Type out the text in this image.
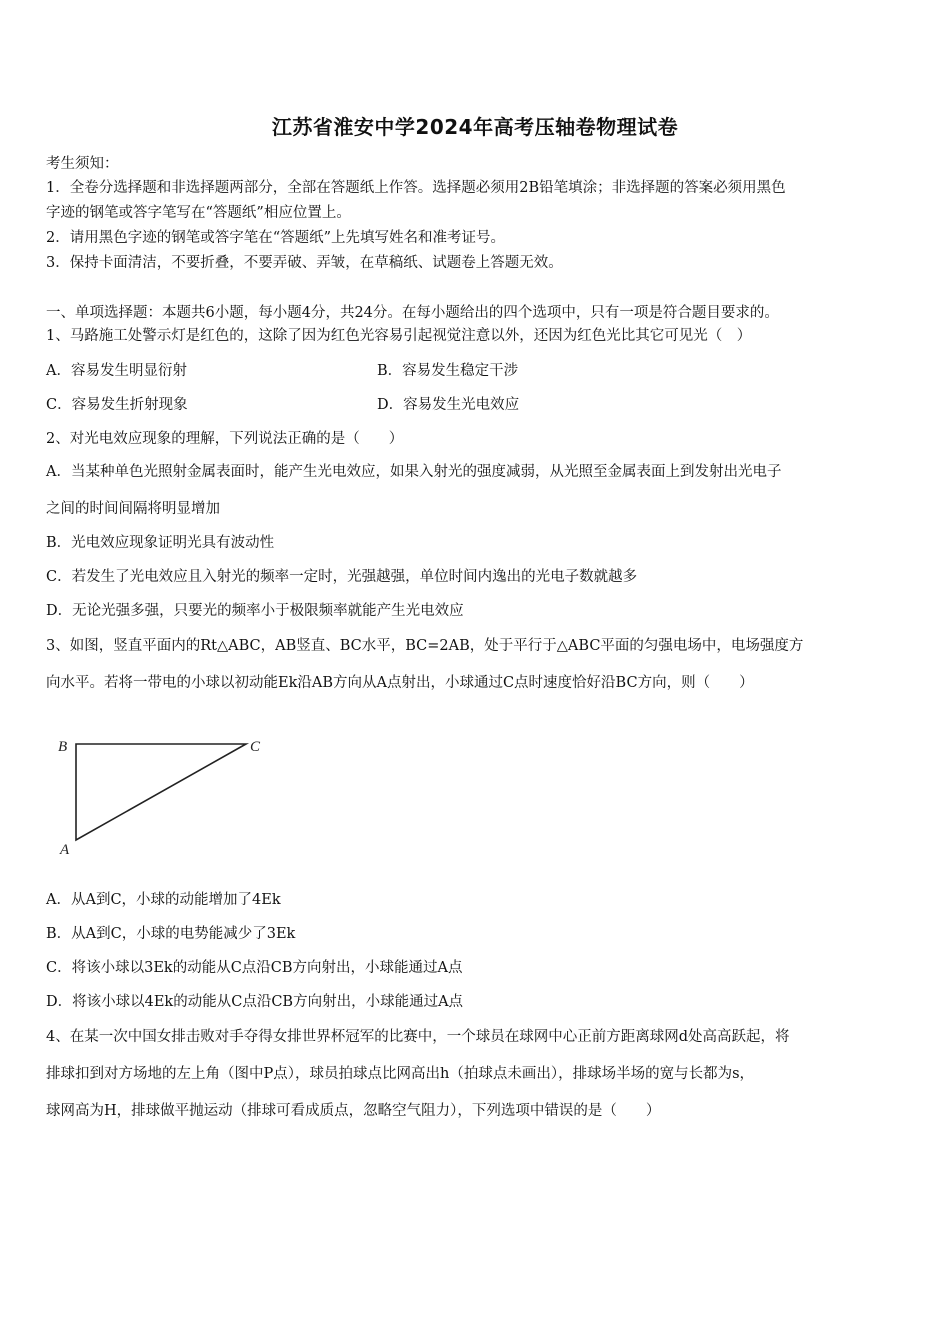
江苏省淮安中学2024年高考压轴卷物理试卷
考生须知：
1．全卷分选择题和非选择题两部分，全部在答题纸上作答。选择题必须用2B铅笔填涂；非选择题的答案必须用黑色
字迹的钢笔或答字笔写在“答题纸”相应位置上。
2．请用黑色字迹的钢笔或答字笔在“答题纸”上先填写姓名和准考证号。
3．保持卡面清洁，不要折叠，不要弄破、弄皱，在草稿纸、试题卷上答题无效。
一、单项选择题：本题共6小题，每小题4分，共24分。在每小题给出的四个选项中，只有一项是符合题目要求的。
1、马路施工处警示灯是红色的，这除了因为红色光容易引起视觉注意以外，还因为红色光比其它可见光（　）
A．容易发生明显衍射	B．容易发生稳定干涉
C．容易发生折射现象	D．容易发生光电效应
2、对光电效应现象的理解，下列说法正确的是（　　）
A．当某种单色光照射金属表面时，能产生光电效应，如果入射光的强度减弱，从光照至金属表面上到发射出光电子
之间的时间间隔将明显增加
B．光电效应现象证明光具有波动性
C．若发生了光电效应且入射光的频率一定时，光强越强，单位时间内逸出的光电子数就越多
D．无论光强多强，只要光的频率小于极限频率就能产生光电效应
3、如图，竖直平面内的Rt△ABC，AB竖直、BC水平，BC=2AB，处于平行于△ABC平面的匀强电场中，电场强度方
向水平。若将一带电的小球以初动能Ek沿AB方向从A点射出，小球通过C点时速度恰好沿BC方向，则（　　）
B	C
A
A．从A到C，小球的动能增加了4Ek
B．从A到C，小球的电势能减少了3Ek
C．将该小球以3Ek的动能从C点沿CB方向射出，小球能通过A点
D．将该小球以4Ek的动能从C点沿CB方向射出，小球能通过A点
4、在某一次中国女排击败对手夺得女排世界杯冠军的比赛中，一个球员在球网中心正前方距离球网d处高高跃起，将
排球扣到对方场地的左上角（图中P点），球员拍球点比网高出h（拍球点未画出），排球场半场的宽与长都为s，
球网高为H，排球做平抛运动（排球可看成质点，忽略空气阻力），下列选项中错误的是（　　）
